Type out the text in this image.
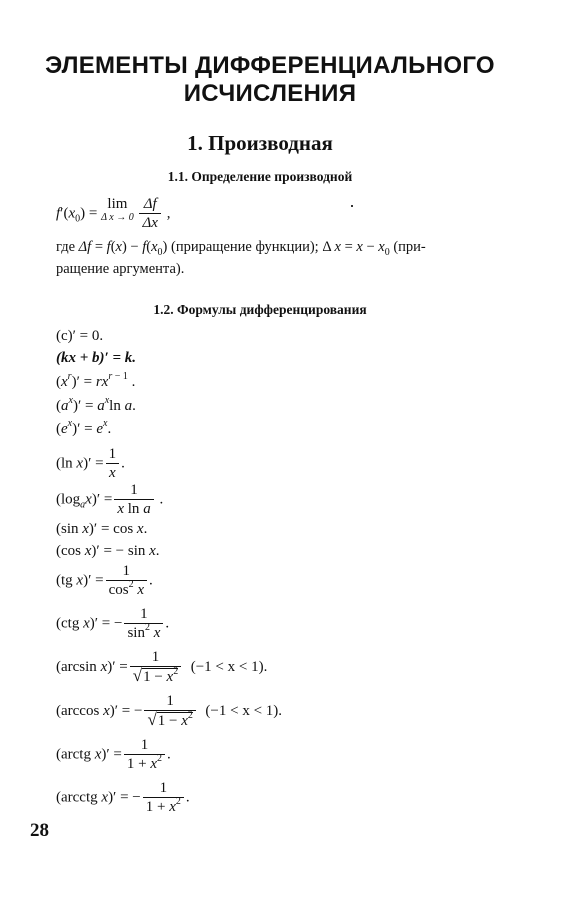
ЭЛЕМЕНТЫ ДИФФЕРЕНЦИАЛЬНОГО
ИСЧИСЛЕНИЯ
1. Производная
1.1. Определение производной
$f'(x_0)$ =
lim
Δ x → 0
$\frac{\Delta f}{\Delta x}$ ,
где $\Delta f = f(x) - f(x_0)$ (приращение функции); Δ $x = x - x_0$ (при-
ращение аргумента).
1.2. Формулы дифференцирования
(c)′ = 0.
(kx + b)′ = k.
$(x^r)' = rx^{r - 1}$ .
$(a^x)' = a^x\ln$ a.
$(e^x)' = e^x$.
(ln $x)' = \frac{1}{x}$ .
$(\log_ax)' = \frac{1}{\text{x ln a}}$ .
(sin x)′ = cos x.
(cos x)′ = − sin x.
(tg $x)' = \frac{1}{\cos^2 x}$ .
(ctg x)′ = − $\frac{1}{\sin^2 x}$ .
(arcsin $x)' = \frac{1}{√1 - x^2} (-1 < x < 1)$.
(arccos x)′ = − $\frac{1}{√1 - x^2} (-1 < x < 1)$.
(arctg $x)' = \frac{1}{1 + x^2}$ .
(arcctg x)′ = − $\frac{1}{1 + x^2}$ .
28
